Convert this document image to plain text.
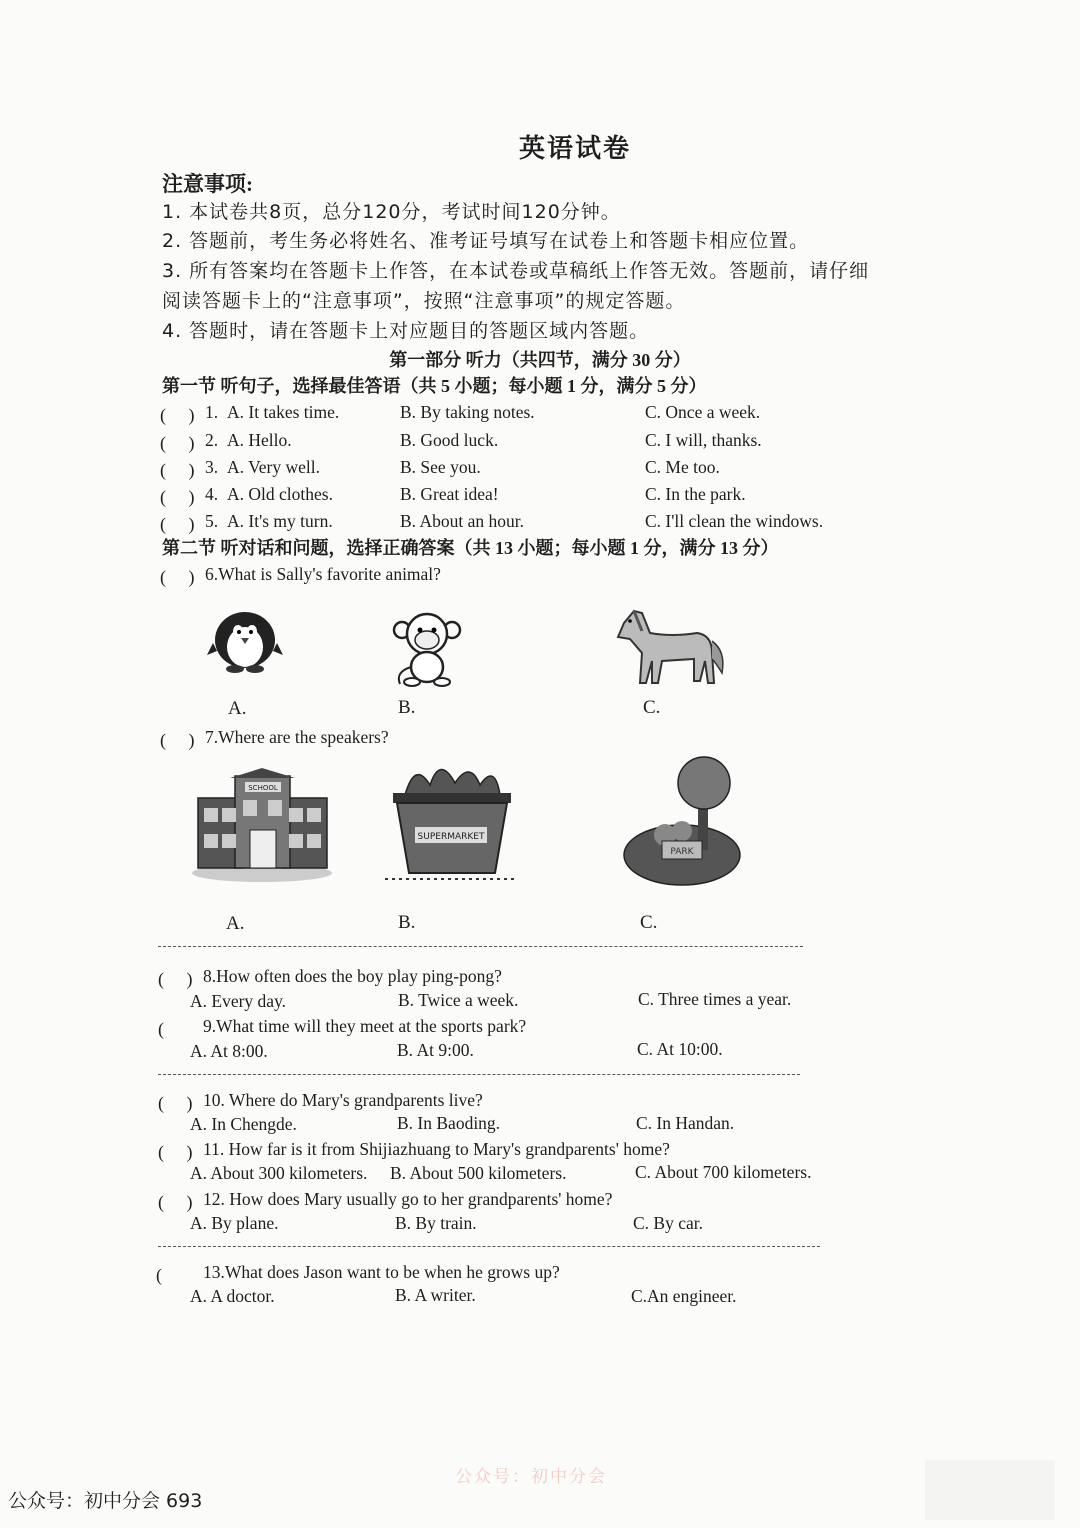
英语试卷
注意事项:
1. 本试卷共8页，总分120分，考试时间120分钟。
2. 答题前，考生务必将姓名、准考证号填写在试卷上和答题卡相应位置。
3. 所有答案均在答题卡上作答，在本试卷或草稿纸上作答无效。答题前，请仔细
阅读答题卡上的“注意事项”，按照“注意事项”的规定答题。
4. 答题时，请在答题卡上对应题目的答题区域内答题。
第一部分 听力（共四节，满分 30 分）
第一节 听句子，选择最佳答语（共 5 小题；每小题 1 分，满分 5 分）
(　 ) 1. A. It takes time.	B. By taking notes.	C. Once a week.
(　 ) 2. A. Hello.	B. Good luck.	C. I will, thanks.
(　 ) 3. A. Very well.	B. See you.	C. Me too.
(　 ) 4. A. Old clothes.	B. Great idea!	C. In the park.
(　 ) 5. A. It's my turn.	B. About an hour.	C. I'll clean the windows.
第二节 听对话和问题，选择正确答案（共 13 小题；每小题 1 分，满分 13 分）
(　 ) 6.What is Sally's favorite animal?
A.	B.	C.
(　 ) 7.Where are the speakers?
SCHOOL
SUPERMARKET
PARK
A.	B.	C.
(　 ) 8.How often does the boy play ping-pong?
A. Every day.	B. Twice a week.	C. Three times a year.
(　 9.What time will they meet at the sports park?
A. At 8:00.	B. At 9:00.	C. At 10:00.
(　 ) 10. Where do Mary's grandparents live?
A. In Chengde.	B. In Baoding.	C. In Handan.
(　 ) 11. How far is it from Shijiazhuang to Mary's grandparents' home?
A. About 300 kilometers. B. About 500 kilometers.	C. About 700 kilometers.
(　 ) 12. How does Mary usually go to her grandparents' home?
A. By plane.	B. By train.	C. By car.
(　 13.What does Jason want to be when he grows up?
A. A doctor.	B. A writer.	C.An engineer.
公众号：初中分会
公众号：初中分会 693
